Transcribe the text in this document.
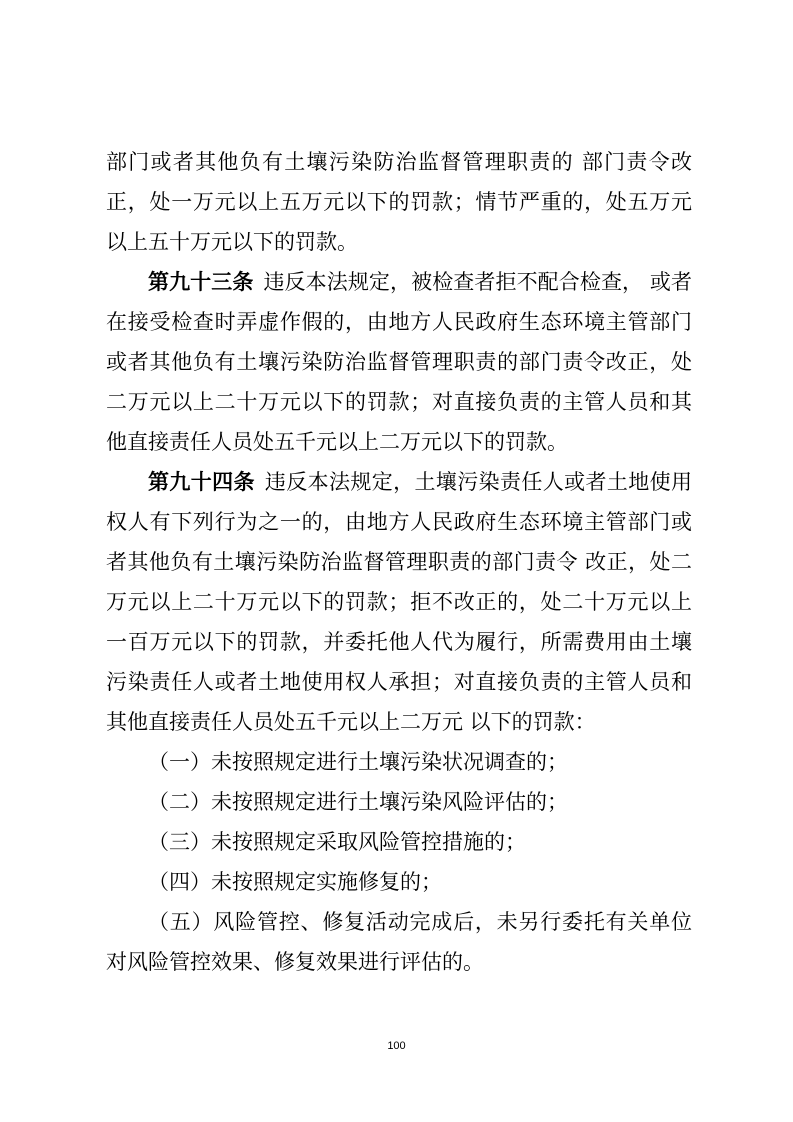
部门或者其他负有土壤污染防治监督管理职责的 部门责令改正，处一万元以上五万元以下的罚款；情节严重的，处五万元以上五十万元以下的罚款。

第九十三条 违反本法规定，被检查者拒不配合检查， 或者在接受检查时弄虚作假的，由地方人民政府生态环境主管部门或者其他负有土壤污染防治监督管理职责的部门责令改正，处二万元以上二十万元以下的罚款；对直接负责的主管人员和其他直接责任人员处五千元以上二万元以下的罚款。

第九十四条 违反本法规定，土壤污染责任人或者土地使用权人有下列行为之一的，由地方人民政府生态环境主管部门或者其他负有土壤污染防治监督管理职责的部门责令 改正，处二万元以上二十万元以下的罚款；拒不改正的，处二十万元以上一百万元以下的罚款，并委托他人代为履行，所需费用由土壤污染责任人或者土地使用权人承担；对直接负责的主管人员和其他直接责任人员处五千元以上二万元 以下的罚款：

（一）未按照规定进行土壤污染状况调查的；

（二）未按照规定进行土壤污染风险评估的；

（三）未按照规定采取风险管控措施的；

（四）未按照规定实施修复的；

（五）风险管控、修复活动完成后，未另行委托有关单位对风险管控效果、修复效果进行评估的。

100
